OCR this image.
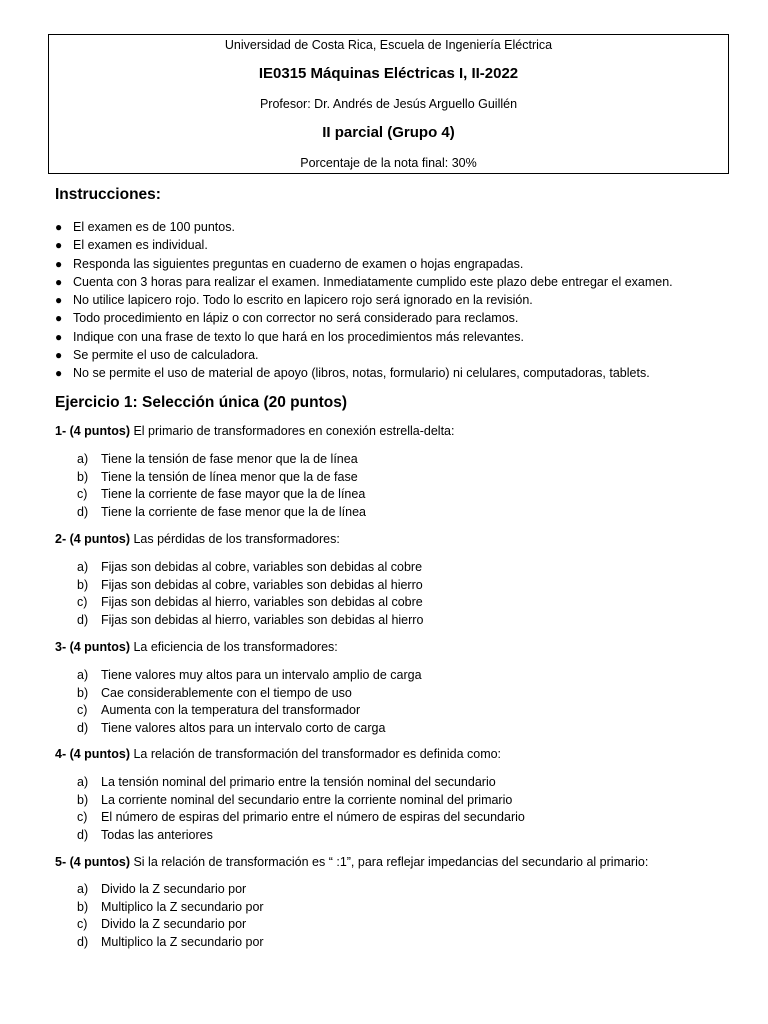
Universidad de Costa Rica, Escuela de Ingeniería Eléctrica
IE0315 Máquinas Eléctricas I, II-2022
Profesor: Dr. Andrés de Jesús Arguello Guillén
II parcial (Grupo 4)
Porcentaje de la nota final: 30%
Instrucciones:
● El examen es de 100 puntos.
● El examen es individual.
● Responda las siguientes preguntas en cuaderno de examen o hojas engrapadas.
● Cuenta con 3 horas para realizar el examen. Inmediatamente cumplido este plazo debe entregar el examen.
● No utilice lapicero rojo. Todo lo escrito en lapicero rojo será ignorado en la revisión.
● Todo procedimiento en lápiz o con corrector no será considerado para reclamos.
● Indique con una frase de texto lo que hará en los procedimientos más relevantes.
● Se permite el uso de calculadora.
● No se permite el uso de material de apoyo (libros, notas, formulario) ni celulares, computadoras, tablets.
Ejercicio 1: Selección única (20 puntos)
1- (4 puntos) El primario de transformadores en conexión estrella-delta:
a) Tiene la tensión de fase menor que la de línea
b) Tiene la tensión de línea menor que la de fase
c) Tiene la corriente de fase mayor que la de línea
d) Tiene la corriente de fase menor que la de línea
2- (4 puntos) Las pérdidas de los transformadores:
a) Fijas son debidas al cobre, variables son debidas al cobre
b) Fijas son debidas al cobre, variables son debidas al hierro
c) Fijas son debidas al hierro, variables son debidas al cobre
d) Fijas son debidas al hierro, variables son debidas al hierro
3- (4 puntos) La eficiencia de los transformadores:
a) Tiene valores muy altos para un intervalo amplio de carga
b) Cae considerablemente con el tiempo de uso
c) Aumenta con la temperatura del transformador
d) Tiene valores altos para un intervalo corto de carga
4- (4 puntos) La relación de transformación del transformador es definida como:
a) La tensión nominal del primario entre la tensión nominal del secundario
b) La corriente nominal del secundario entre la corriente nominal del primario
c) El número de espiras del primario entre el número de espiras del secundario
d) Todas las anteriores
5- (4 puntos) Si la relación de transformación es “ :1”, para reflejar impedancias del secundario al primario:
a) Divido la Z secundario por
b) Multiplico la Z secundario por
c) Divido la Z secundario por
d) Multiplico la Z secundario por
